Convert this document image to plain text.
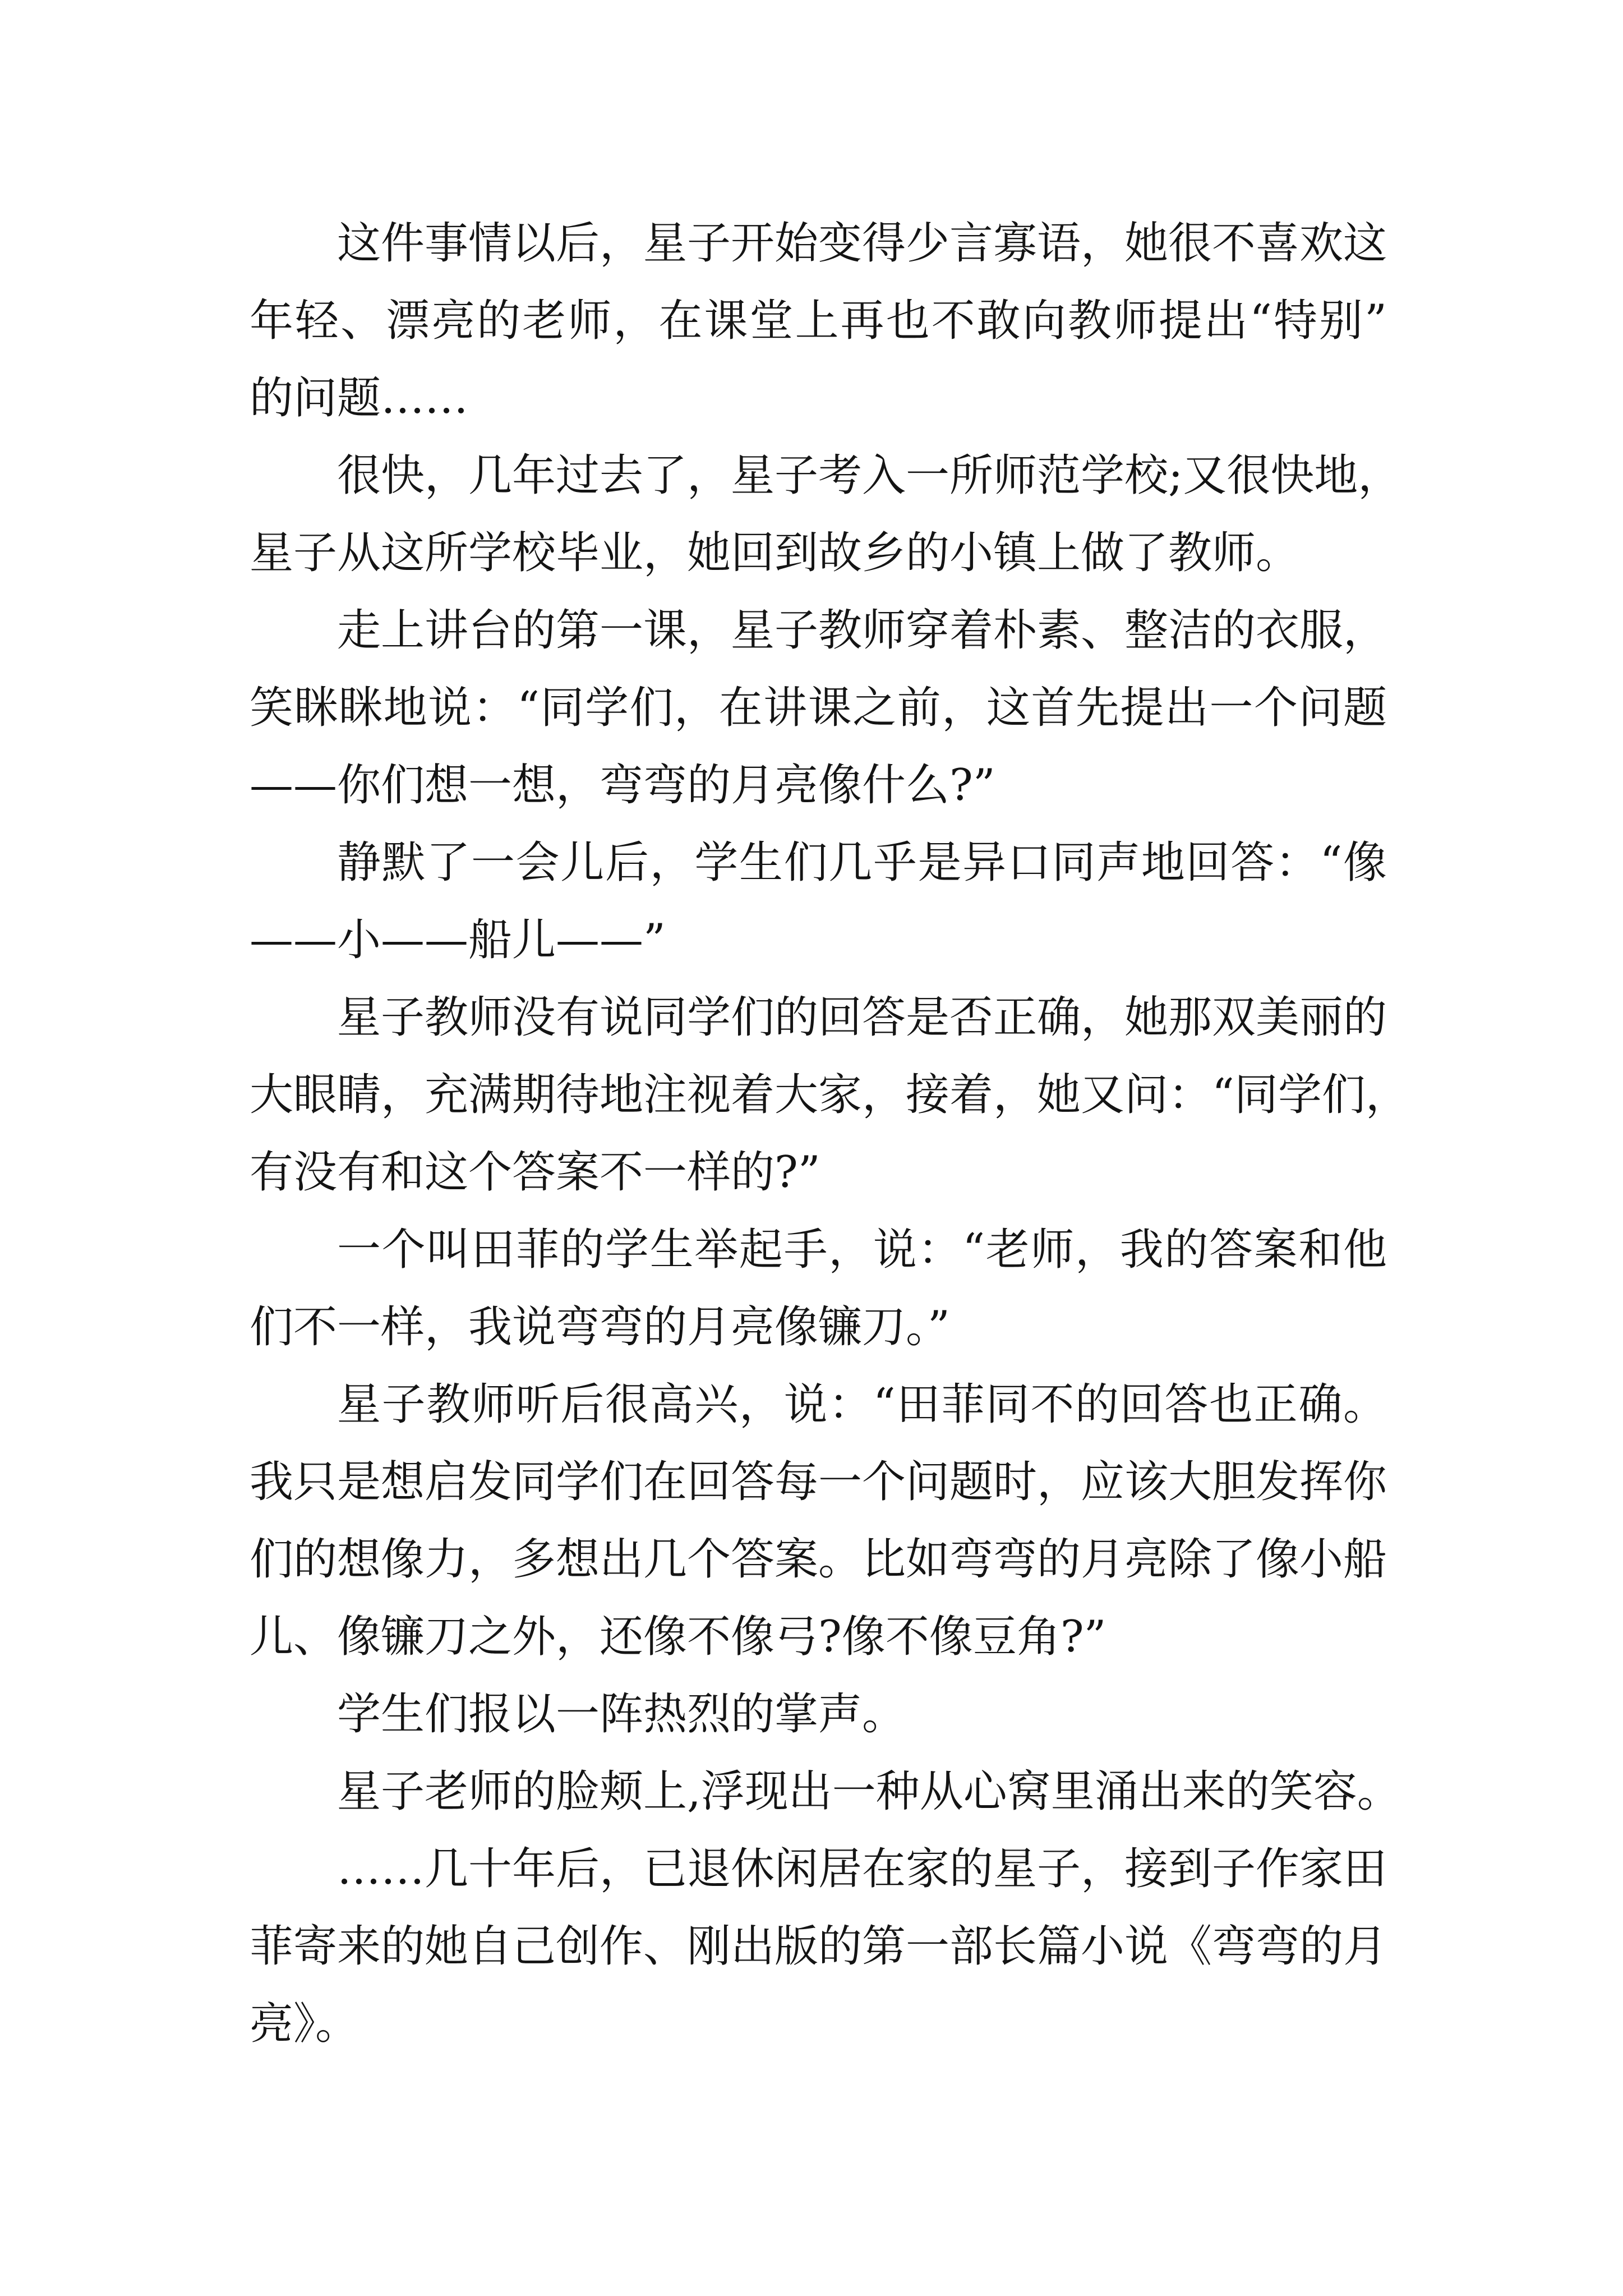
这件事情以后，星子开始变得少言寡语，她很不喜欢这
年轻、漂亮的老师，在课堂上再也不敢向教师提出“特别”
的问题……
很快，几年过去了，星子考入一所师范学校;又很快地，
星子从这所学校毕业，她回到故乡的小镇上做了教师。
走上讲台的第一课，星子教师穿着朴素、整洁的衣服，
笑眯眯地说：“同学们，在讲课之前，这首先提出一个问题
——你们想一想，弯弯的月亮像什么?”
静默了一会儿后，学生们几乎是异口同声地回答：“像
——小——船儿——”
星子教师没有说同学们的回答是否正确，她那双美丽的
大眼睛，充满期待地注视着大家，接着，她又问：“同学们，
有没有和这个答案不一样的?”
一个叫田菲的学生举起手，说：“老师，我的答案和他
们不一样，我说弯弯的月亮像镰刀。”
星子教师听后很高兴，说：“田菲同不的回答也正确。
我只是想启发同学们在回答每一个问题时，应该大胆发挥你
们的想像力，多想出几个答案。比如弯弯的月亮除了像小船
儿、像镰刀之外，还像不像弓?像不像豆角?”
学生们报以一阵热烈的掌声。
星子老师的脸颊上,浮现出一种从心窝里涌出来的笑容。
……几十年后，已退休闲居在家的星子，接到子作家田
菲寄来的她自己创作、刚出版的第一部长篇小说《弯弯的月
亮》。
